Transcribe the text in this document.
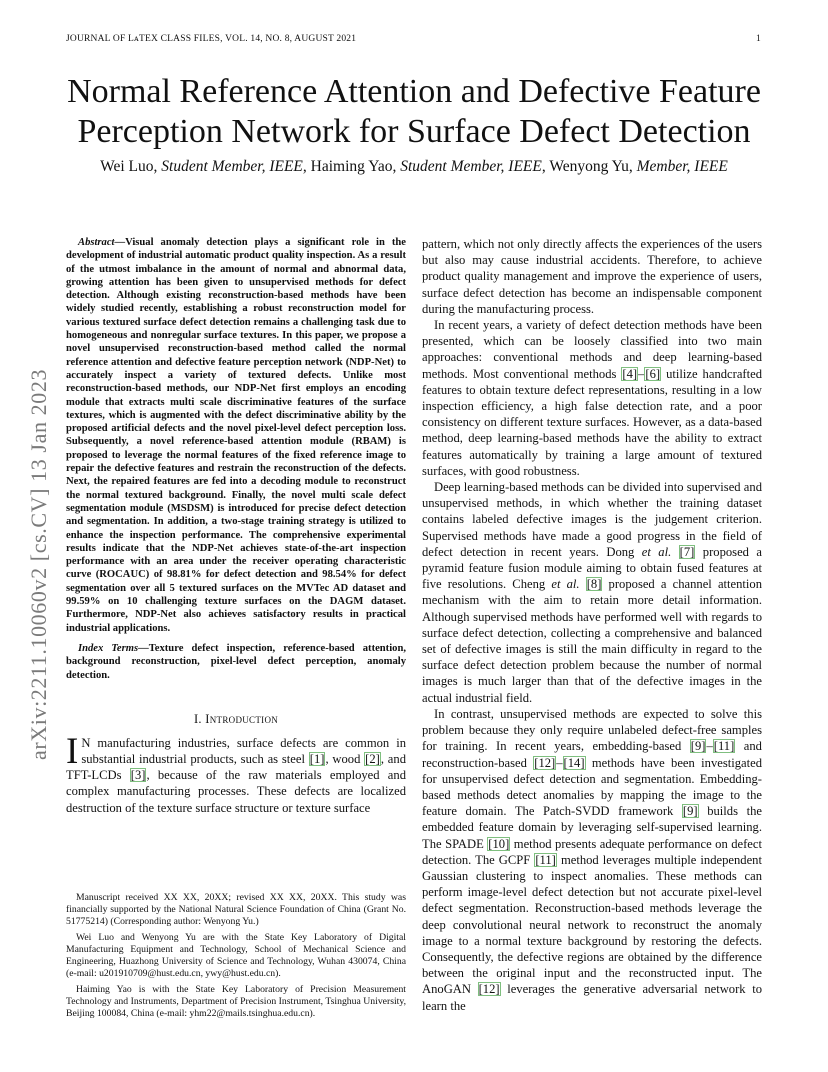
JOURNAL OF LᴀTEX CLASS FILES, VOL. 14, NO. 8, AUGUST 2021	1
Normal Reference Attention and Defective Feature Perception Network for Surface Defect Detection
Wei Luo, Student Member, IEEE, Haiming Yao, Student Member, IEEE, Wenyong Yu, Member, IEEE
arXiv:2211.10060v2 [cs.CV] 13 Jan 2023

Abstract—Visual anomaly detection plays a significant role in the development of industrial automatic product quality inspection. As a result of the utmost imbalance in the amount of normal and abnormal data, growing attention has been given to unsupervised methods for defect detection. Although existing reconstruction-based methods have been widely studied recently, establishing a robust reconstruction model for various textured surface defect detection remains a challenging task due to homogeneous and nonregular surface textures. In this paper, we propose a novel unsupervised reconstruction-based method called the normal reference attention and defective feature perception network (NDP-Net) to accurately inspect a variety of textured defects. Unlike most reconstruction-based methods, our NDP-Net first employs an encoding module that extracts multi scale discriminative features of the surface textures, which is augmented with the defect discriminative ability by the proposed artificial defects and the novel pixel-level defect perception loss. Subsequently, a novel reference-based attention module (RBAM) is proposed to leverage the normal features of the fixed reference image to repair the defective features and restrain the reconstruction of the defects. Next, the repaired features are fed into a decoding module to reconstruct the normal textured background. Finally, the novel multi scale defect segmentation module (MSDSM) is introduced for precise defect detection and segmentation. In addition, a two-stage training strategy is utilized to enhance the inspection performance. The comprehensive experimental results indicate that the NDP-Net achieves state-of-the-art inspection performance with an area under the receiver operating characteristic curve (ROCAUC) of 98.81% for defect detection and 98.54% for defect segmentation over all 5 textured surfaces on the MVTec AD dataset and 99.59% on 10 challenging texture surfaces on the DAGM dataset. Furthermore, NDP-Net also achieves satisfactory results in practical industrial applications.

Index Terms—Texture defect inspection, reference-based attention, background reconstruction, pixel-level defect perception, anomaly detection.

I. Introduction

I N manufacturing industries, surface defects are common in substantial industrial products, such as steel [1], wood [2], and TFT-LCDs [3], because of the raw materials employed and complex manufacturing processes. These defects are localized destruction of the texture surface structure or texture surface

Manuscript received XX XX, 20XX; revised XX XX, 20XX. This study was financially supported by the National Natural Science Foundation of China (Grant No. 51775214) (Corresponding author: Wenyong Yu.)

Wei Luo and Wenyong Yu are with the State Key Laboratory of Digital Manufacturing Equipment and Technology, School of Mechanical Science and Engineering, Huazhong University of Science and Technology, Wuhan 430074, China (e-mail: u201910709@hust.edu.cn, ywy@hust.edu.cn).

Haiming Yao is with the State Key Laboratory of Precision Measurement Technology and Instruments, Department of Precision Instrument, Tsinghua University, Beijing 100084, China (e-mail: yhm22@mails.tsinghua.edu.cn).

pattern, which not only directly affects the experiences of the users but also may cause industrial accidents. Therefore, to achieve product quality management and improve the experience of users, surface defect detection has become an indispensable component during the manufacturing process.

In recent years, a variety of defect detection methods have been presented, which can be loosely classified into two main approaches: conventional methods and deep learning-based methods. Most conventional methods [4]–[6] utilize handcrafted features to obtain texture defect representations, resulting in a low inspection efficiency, a high false detection rate, and a poor consistency on different texture surfaces. However, as a data-based method, deep learning-based methods have the ability to extract features automatically by training a large amount of textured surfaces, with good robustness.

Deep learning-based methods can be divided into supervised and unsupervised methods, in which whether the training dataset contains labeled defective images is the judgement criterion. Supervised methods have made a good progress in the field of defect detection in recent years. Dong et al. [7] proposed a pyramid feature fusion module aiming to obtain fused features at five resolutions. Cheng et al. [8] proposed a channel attention mechanism with the aim to retain more detail information. Although supervised methods have performed well with regards to surface defect detection, collecting a comprehensive and balanced set of defective images is still the main difficulty in regard to the surface defect detection problem because the number of normal images is much larger than that of the defective images in the actual industrial field.

In contrast, unsupervised methods are expected to solve this problem because they only require unlabeled defect-free samples for training. In recent years, embedding-based [9]–[11] and reconstruction-based [12]–[14] methods have been investigated for unsupervised defect detection and segmentation. Embedding-based methods detect anomalies by mapping the image to the feature domain. The Patch-SVDD framework [9] builds the embedded feature domain by leveraging self-supervised learning. The SPADE [10] method presents adequate performance on defect detection. The GCPF [11] method leverages multiple independent Gaussian clustering to inspect anomalies. These methods can perform image-level defect detection but not accurate pixel-level defect segmentation. Reconstruction-based methods leverage the deep convolutional neural network to reconstruct the anomaly image to a normal texture background by restoring the defects. Consequently, the defective regions are obtained by the difference between the original input and the reconstructed input. The AnoGAN [12] leverages the generative adversarial network to learn the
